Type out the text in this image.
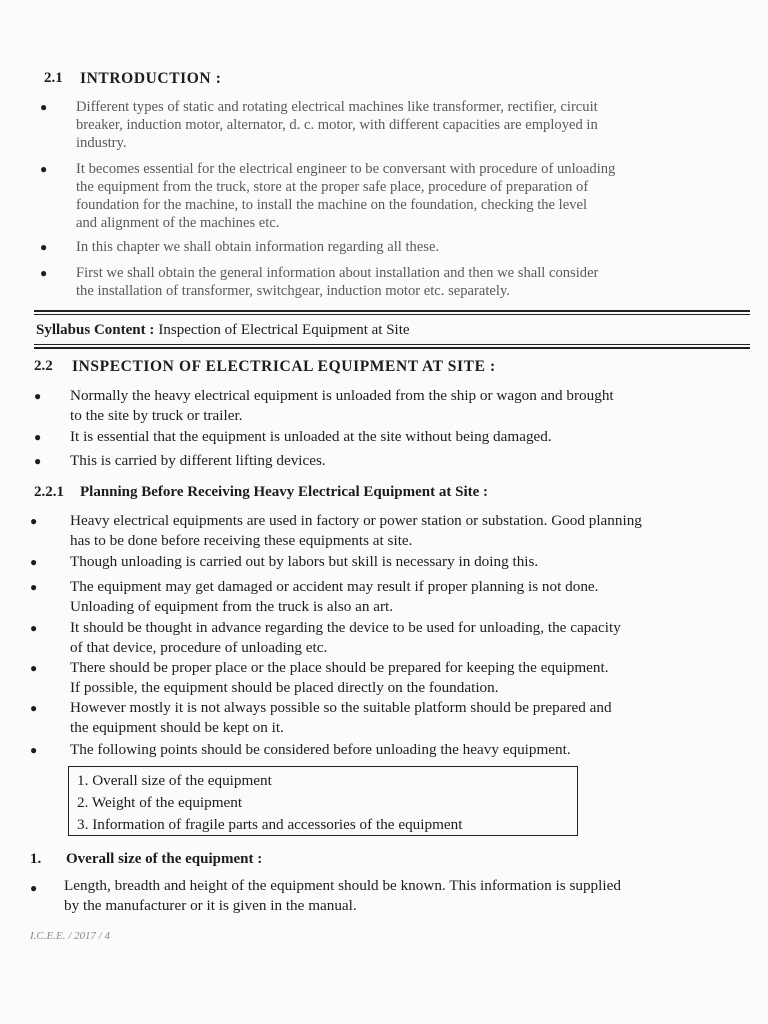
2.1 INTRODUCTION :
● Different types of static and rotating electrical machines like transformer, rectifier, circuit
breaker, induction motor, alternator, d. c. motor, with different capacities are employed in
industry.
● It becomes essential for the electrical engineer to be conversant with procedure of unloading
the equipment from the truck, store at the proper safe place, procedure of preparation of
foundation for the machine, to install the machine on the foundation, checking the level
and alignment of the machines etc.
● In this chapter we shall obtain information regarding all these.
● First we shall obtain the general information about installation and then we shall consider
the installation of transformer, switchgear, induction motor etc. separately.
Syllabus Content : Inspection of Electrical Equipment at Site
2.2 INSPECTION OF ELECTRICAL EQUIPMENT AT SITE :
● Normally the heavy electrical equipment is unloaded from the ship or wagon and brought
to the site by truck or trailer.
● It is essential that the equipment is unloaded at the site without being damaged.
● This is carried by different lifting devices.
2.2.1 Planning Before Receiving Heavy Electrical Equipment at Site :
● Heavy electrical equipments are used in factory or power station or substation. Good planning
has to be done before receiving these equipments at site.
● Though unloading is carried out by labors but skill is necessary in doing this.
● The equipment may get damaged or accident may result if proper planning is not done.
Unloading of equipment from the truck is also an art.
● It should be thought in advance regarding the device to be used for unloading, the capacity
of that device, procedure of unloading etc.
● There should be proper place or the place should be prepared for keeping the equipment.
If possible, the equipment should be placed directly on the foundation.
● However mostly it is not always possible so the suitable platform should be prepared and
the equipment should be kept on it.
● The following points should be considered before unloading the heavy equipment.
1. Overall size of the equipment
2. Weight of the equipment
3. Information of fragile parts and accessories of the equipment
1. Overall size of the equipment :
● Length, breadth and height of the equipment should be known. This information is supplied
by the manufacturer or it is given in the manual.
I.C.E.E. / 2017 / 4
